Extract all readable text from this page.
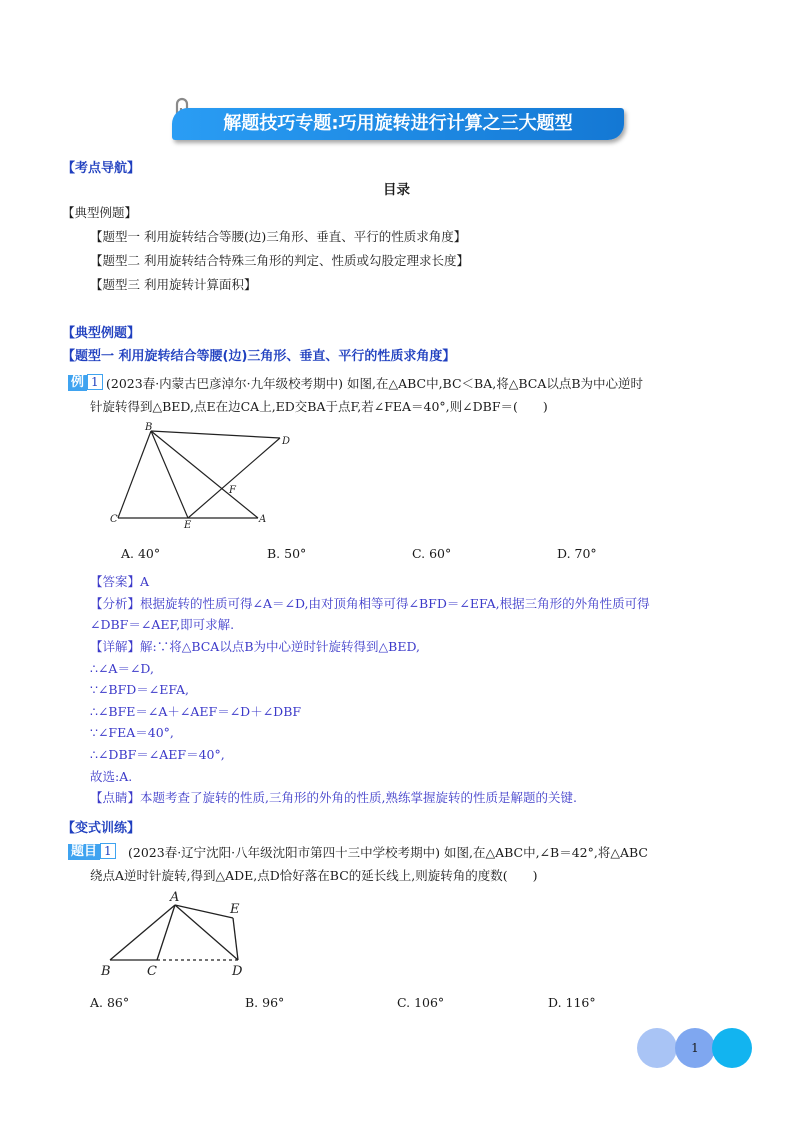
解题技巧专题:巧用旋转进行计算之三大题型
【考点导航】
目录
【典型例题】
【题型一 利用旋转结合等腰(边)三角形、垂直、平行的性质求角度】
【题型二 利用旋转结合特殊三角形的判定、性质或勾股定理求长度】
【题型三 利用旋转计算面积】
【典型例题】
【题型一 利用旋转结合等腰(边)三角形、垂直、平行的性质求角度】
例 1 (2023春·内蒙古巴彦淖尔·九年级校考期中) 如图,在△ABC中,BC＜BA,将△BCA以点B为中心逆时
针旋转得到△BED,点E在边CA上,ED交BA于点F,若∠FEA＝40°,则∠DBF＝(　　)
B
D
F
C
E
A
A. 40°	B. 50°	C. 60°	D. 70°
【答案】A
【分析】根据旋转的性质可得∠A＝∠D,由对顶角相等可得∠BFD＝∠EFA,根据三角形的外角性质可得
∠DBF＝∠AEF,即可求解.
【详解】解:∵将△BCA以点B为中心逆时针旋转得到△BED,
∴∠A＝∠D,
∵∠BFD＝∠EFA,
∴∠BFE＝∠A＋∠AEF＝∠D＋∠DBF
∵∠FEA＝40°,
∴∠DBF＝∠AEF＝40°,
故选:A.
【点睛】本题考查了旋转的性质,三角形的外角的性质,熟练掌握旋转的性质是解题的关键.
【变式训练】
题目 1	(2023春·辽宁沈阳·八年级沈阳市第四十三中学校考期中) 如图,在△ABC中,∠B＝42°,将△ABC
绕点A逆时针旋转,得到△ADE,点D恰好落在BC的延长线上,则旋转角的度数(　　)
A
E
B	C	D
A. 86°	B. 96°	C. 106°	D. 116°
1
